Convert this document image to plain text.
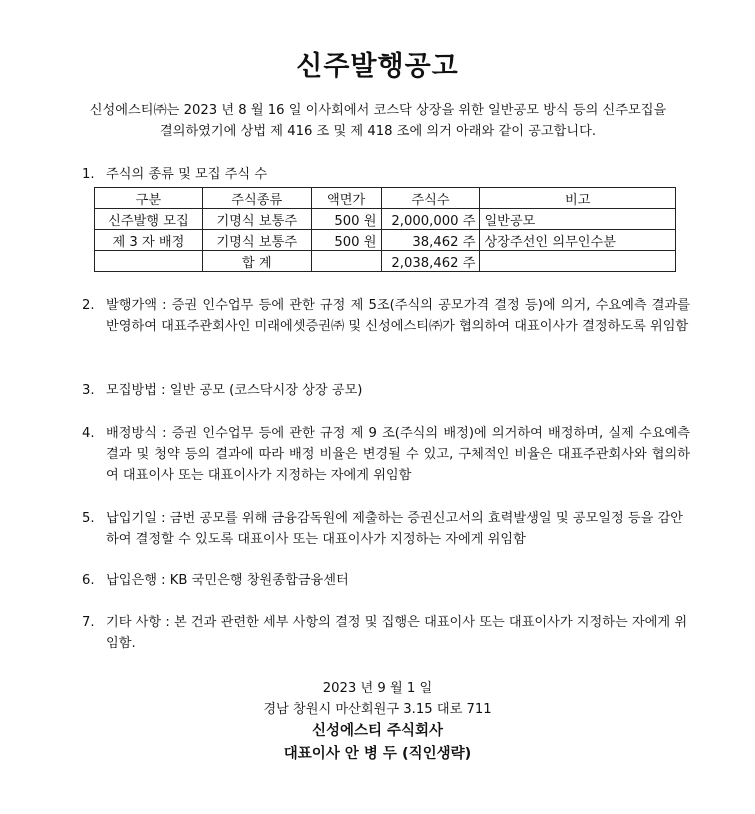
신주발행공고
신성에스티㈜는 2023 년 8 월 16 일 이사회에서 코스닥 상장을 위한 일반공모 방식 등의 신주모집을
결의하였기에 상법 제 416 조 및 제 418 조에 의거 아래와 같이 공고합니다.
1. 주식의 종류 및 모집 주식 수
구분	주식종류	액면가	주식수	비고
신주발행 모집	기명식 보통주	500 원	2,000,000 주	일반공모
제 3 자 배정	기명식 보통주	500 원	38,462 주	상장주선인 의무인수분
	합 계		2,038,462 주	
2. 발행가액 : 증권 인수업무 등에 관한 규정 제 5조(주식의 공모가격 결정 등)에 의거, 수요예측 결과를 반영하여 대표주관회사인 미래에셋증권㈜ 및 신성에스티㈜가 협의하여 대표이사가 결정하도록 위임함
3. 모집방법 : 일반 공모 (코스닥시장 상장 공모)
4. 배정방식 : 증권 인수업무 등에 관한 규정 제 9 조(주식의 배정)에 의거하여 배정하며, 실제 수요예측 결과 및 청약 등의 결과에 따라 배정 비율은 변경될 수 있고, 구체적인 비율은 대표주관회사와 협의하여 대표이사 또는 대표이사가 지정하는 자에게 위임함
5. 납입기일 : 금번 공모를 위해 금융감독원에 제출하는 증권신고서의 효력발생일 및 공모일정 등을 감안하여 결정할 수 있도록 대표이사 또는 대표이사가 지정하는 자에게 위임함
6. 납입은행 : KB 국민은행 창원종합금융센터
7. 기타 사항 : 본 건과 관련한 세부 사항의 결정 및 집행은 대표이사 또는 대표이사가 지정하는 자에게 위임함.
2023 년 9 월 1 일
경남 창원시 마산회원구 3.15 대로 711
신성에스티 주식회사
대표이사 안 병 두 (직인생략)
